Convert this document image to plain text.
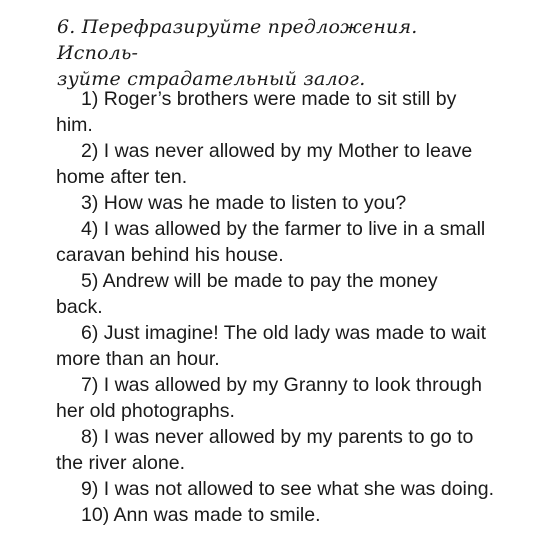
6. Перефразируйте предложения. Исполь-
зуйте страдательный залог.

1) Roger’s brothers were made to sit still by
him.
2) I was never allowed by my Mother to leave
home after ten.
3) How was he made to listen to you?
4) I was allowed by the farmer to live in a small
caravan behind his house.
5) Andrew will be made to pay the money
back.
6) Just imagine! The old lady was made to wait
more than an hour.
7) I was allowed by my Granny to look through
her old photographs.
8) I was never allowed by my parents to go to
the river alone.
9) I was not allowed to see what she was doing.
10) Ann was made to smile.
